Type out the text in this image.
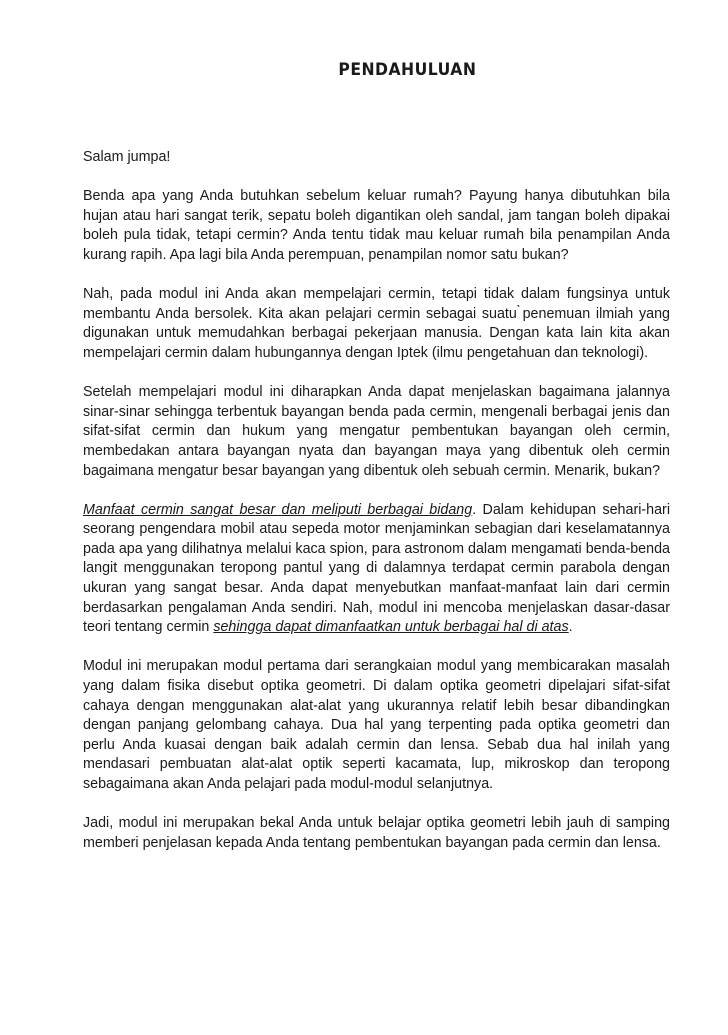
PENDAHULUAN

Salam jumpa!

Benda apa yang Anda butuhkan sebelum keluar rumah? Payung hanya dibutuhkan bila hujan atau hari sangat terik, sepatu boleh digantikan oleh sandal, jam tangan boleh dipakai boleh pula tidak, tetapi cermin? Anda tentu tidak mau keluar rumah bila penampilan Anda kurang rapih. Apa lagi bila Anda perempuan, penampilan nomor satu bukan?

Nah, pada modul ini Anda akan mempelajari cermin, tetapi tidak dalam fungsinya untuk membantu Anda bersolek. Kita akan pelajari cermin sebagai suatu ̀penemuan ilmiah yang digunakan untuk memudahkan berbagai pekerjaan manusia. Dengan kata lain kita akan mempelajari cermin dalam hubungannya dengan Iptek (ilmu pengetahuan dan teknologi).

Setelah mempelajari modul ini diharapkan Anda dapat menjelaskan bagaimana jalannya sinar-sinar sehingga terbentuk bayangan benda pada cermin, mengenali berbagai jenis dan sifat-sifat cermin dan hukum yang mengatur pembentukan bayangan oleh cermin, membedakan antara bayangan nyata dan bayangan maya yang dibentuk oleh cermin bagaimana mengatur besar bayangan yang dibentuk oleh sebuah cermin. Menarik, bukan?

Manfaat cermin sangat besar dan meliputi berbagai bidang. Dalam kehidupan sehari-hari seorang pengendara mobil atau sepeda motor menjaminkan sebagian dari keselamatannya pada apa yang dilihatnya melalui kaca spion, para astronom dalam mengamati benda-benda langit menggunakan teropong pantul yang di dalamnya terdapat cermin parabola dengan ukuran yang sangat besar. Anda dapat menyebutkan manfaat-manfaat lain dari cermin berdasarkan pengalaman Anda sendiri. Nah, modul ini mencoba menjelaskan dasar-dasar teori tentang cermin sehingga dapat dimanfaatkan untuk berbagai hal di atas.

Modul ini merupakan modul pertama dari serangkaian modul yang membicarakan masalah yang dalam fisika disebut optika geometri. Di dalam optika geometri dipelajari sifat-sifat cahaya dengan menggunakan alat-alat yang ukurannya relatif lebih besar dibandingkan dengan panjang gelombang cahaya. Dua hal yang terpenting pada optika geometri dan perlu Anda kuasai dengan baik adalah cermin dan lensa. Sebab dua hal inilah yang mendasari pembuatan alat-alat optik seperti kacamata, lup, mikroskop dan teropong sebagaimana akan Anda pelajari pada modul-modul selanjutnya.

Jadi, modul ini merupakan bekal Anda untuk belajar optika geometri lebih jauh di samping memberi penjelasan kepada Anda tentang pembentukan bayangan pada cermin dan lensa.
